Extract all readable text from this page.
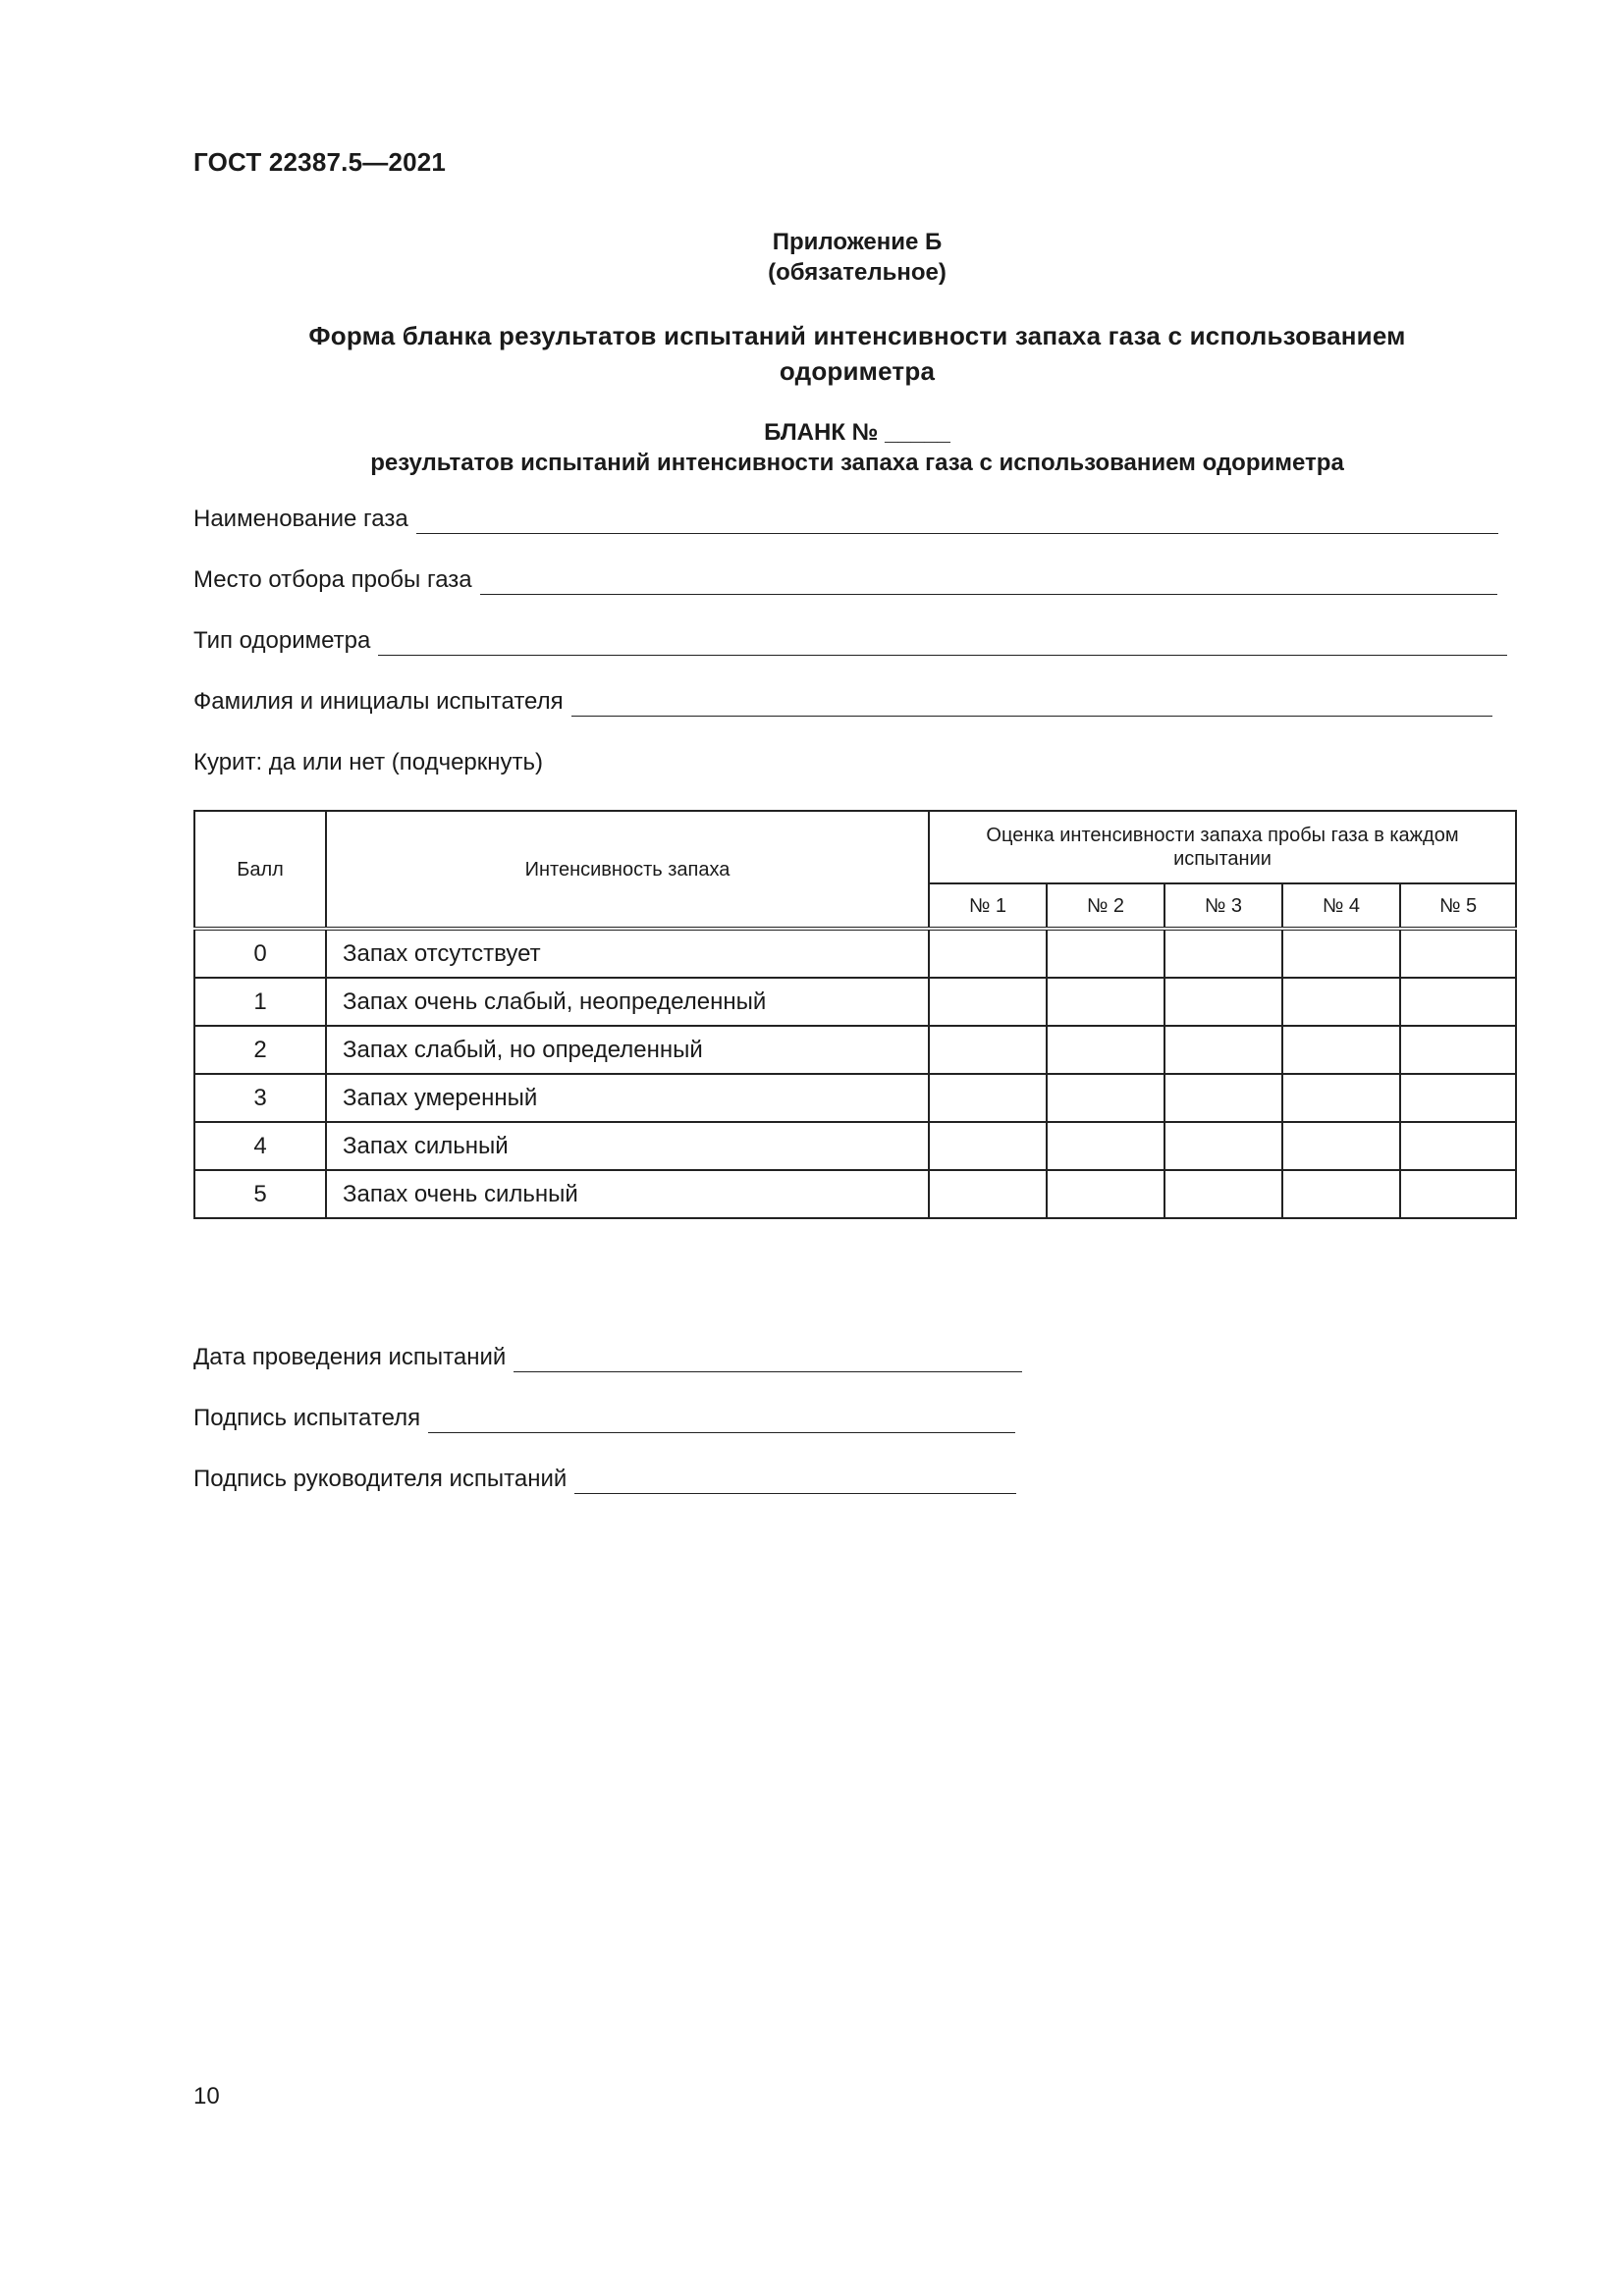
ГОСТ 22387.5—2021
Приложение Б
(обязательное)
Форма бланка результатов испытаний интенсивности запаха газа с использованием
одориметра
БЛАНК № _____
результатов испытаний интенсивности запаха газа с использованием одориметра
Наименование газа
Место отбора пробы газа
Тип одориметра
Фамилия и инициалы испытателя
Курит: да или нет (подчеркнуть)
Балл	Интенсивность запаха	Оценка интенсивности запаха пробы газа в каждом испытании				
		№ 1	№ 2	№ 3	№ 4	№ 5
0	Запах отсутствует					
1	Запах очень слабый, неопределенный					
2	Запах слабый, но определенный					
3	Запах умеренный					
4	Запах сильный					
5	Запах очень сильный					
Дата проведения испытаний
Подпись испытателя
Подпись руководителя испытаний
10
